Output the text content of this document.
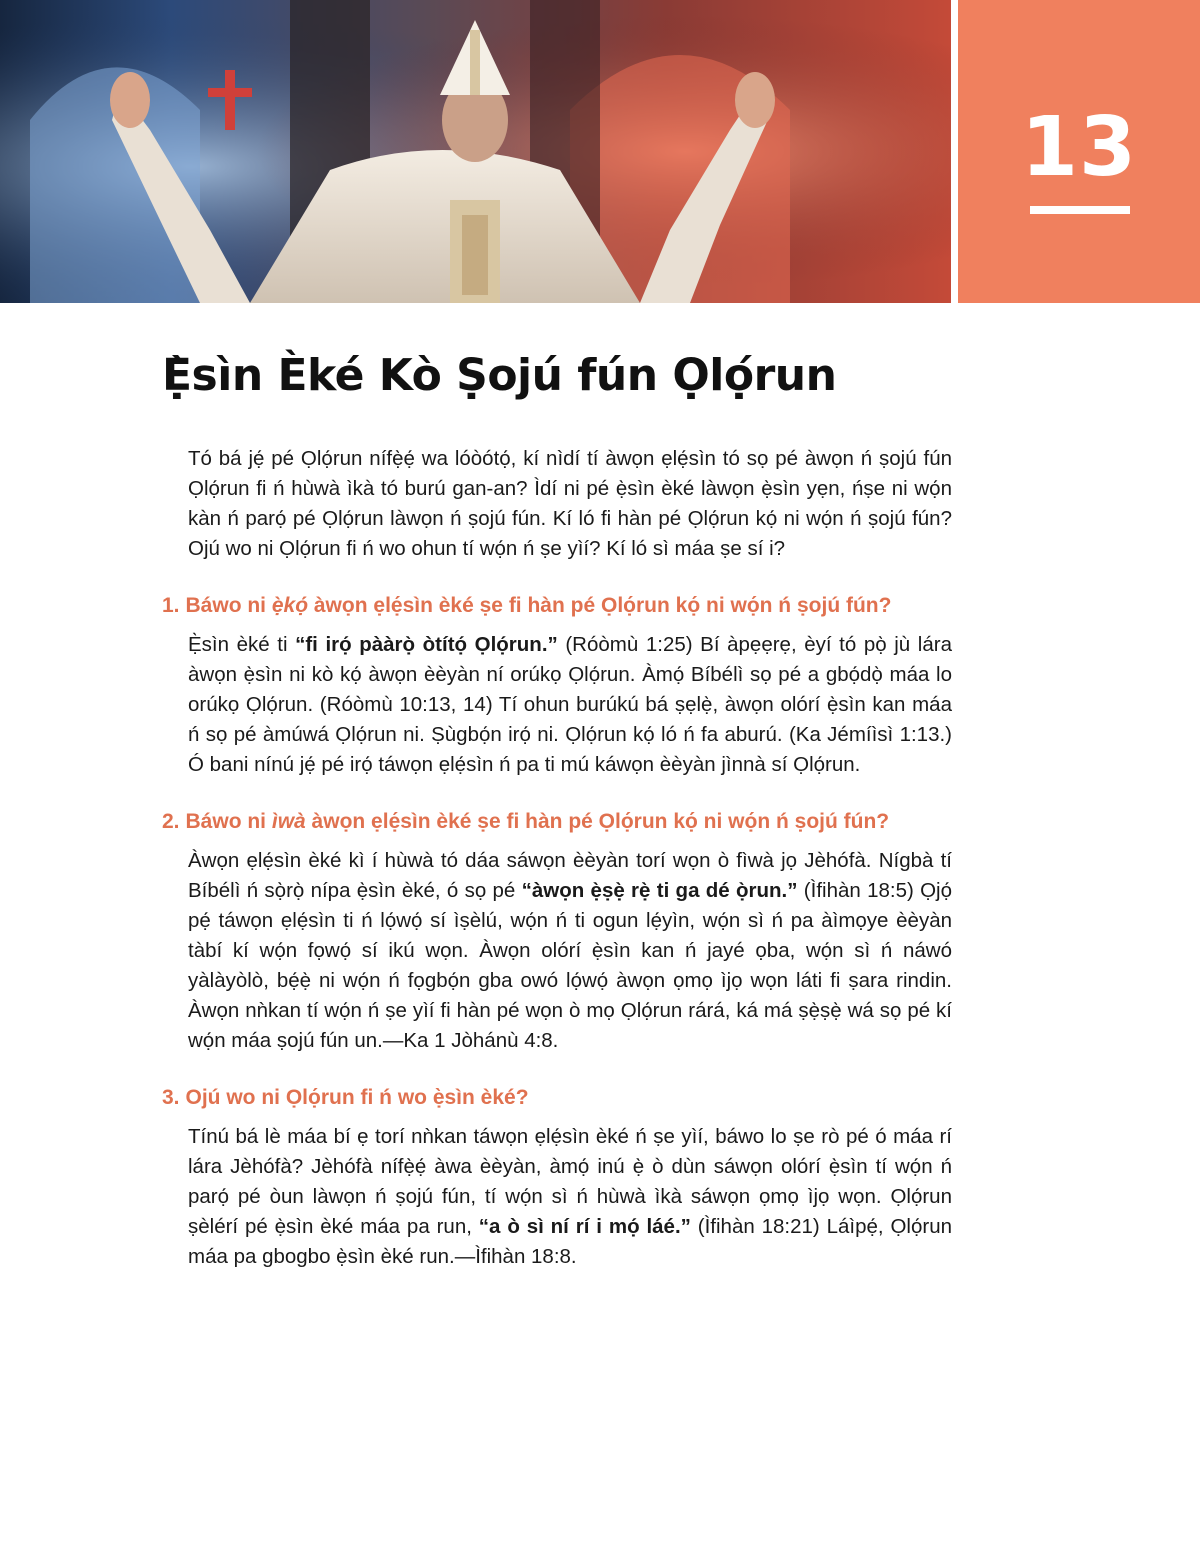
13
Ẹ̀sìn Èké Kò Ṣojú fún Ọlọ́run

Tó bá jẹ́ pé Ọlọ́run nífẹ̀ẹ́ wa lóòótọ́, kí nìdí tí àwọn ẹlẹ́sìn tó sọ pé àwọn ń ṣojú fún Ọlọ́run fi ń hùwà ìkà tó burú gan-an? Ìdí ni pé ẹ̀sìn èké làwọn ẹ̀sìn yẹn, ńṣe ni wọ́n kàn ń parọ́ pé Ọlọ́run làwọn ń ṣojú fún. Kí ló fi hàn pé Ọlọ́run kọ́ ni wọ́n ń ṣojú fún? Ojú wo ni Ọlọ́run fi ń wo ohun tí wọ́n ń ṣe yìí? Kí ló sì máa ṣe sí i?

1. Báwo ni ẹ̀kọ́ àwọn ẹlẹ́sìn èké ṣe fi hàn pé Ọlọ́run kọ́ ni wọ́n ń ṣojú fún?

Ẹ̀sìn èké ti “fi irọ́ pààrọ̀ òtítọ́ Ọlọ́run.” (Róòmù 1:25) Bí àpẹẹrẹ, èyí tó pọ̀ jù lára àwọn ẹ̀sìn ni kò kọ́ àwọn èèyàn ní orúkọ Ọlọ́run. Àmọ́ Bíbélì sọ pé a gbọ́dọ̀ máa lo orúkọ Ọlọ́run. (Róòmù 10:13, 14) Tí ohun burúkú bá ṣẹlẹ̀, àwọn olórí ẹ̀sìn kan máa ń sọ pé àmúwá Ọlọ́run ni. Ṣùgbọ́n irọ́ ni. Ọlọ́run kọ́ ló ń fa aburú. (Ka Jémíìsì 1:13.) Ó bani nínú jẹ́ pé irọ́ táwọn ẹlẹ́sìn ń pa ti mú káwọn èèyàn jìnnà sí Ọlọ́run.

2. Báwo ni ìwà àwọn ẹlẹ́sìn èké ṣe fi hàn pé Ọlọ́run kọ́ ni wọ́n ń ṣojú fún?

Àwọn ẹlẹ́sìn èké kì í hùwà tó dáa sáwọn èèyàn torí wọn ò fìwà jọ Jèhófà. Nígbà tí Bíbélì ń sọ̀rọ̀ nípa ẹ̀sìn èké, ó sọ pé “àwọn ẹ̀ṣẹ̀ rẹ̀ ti ga dé ọ̀run.” (Ìfihàn 18:5) Ọjọ́ pẹ́ táwọn ẹlẹ́sìn ti ń lọ́wọ́ sí ìṣèlú, wọ́n ń ti ogun lẹ́yìn, wọ́n sì ń pa àìmọye èèyàn tàbí kí wọ́n fọwọ́ sí ikú wọn. Àwọn olórí ẹ̀sìn kan ń jayé ọba, wọ́n sì ń náwó yàlàyòlò, bẹ́ẹ̀ ni wọ́n ń fọgbọ́n gba owó lọ́wọ́ àwọn ọmọ ìjọ wọn láti fi ṣara rindin. Àwọn nǹkan tí wọ́n ń ṣe yìí fi hàn pé wọn ò mọ Ọlọ́run rárá, ká má ṣẹ̀ṣẹ̀ wá sọ pé kí wọ́n máa ṣojú fún un.—Ka 1 Jòhánù 4:8.

3. Ojú wo ni Ọlọ́run fi ń wo ẹ̀sìn èké?

Tínú bá lè máa bí ẹ torí nǹkan táwọn ẹlẹ́sìn èké ń ṣe yìí, báwo lo ṣe rò pé ó máa rí lára Jèhófà? Jèhófà nífẹ̀ẹ́ àwa èèyàn, àmọ́ inú ẹ̀ ò dùn sáwọn olórí ẹ̀sìn tí wọ́n ń parọ́ pé òun làwọn ń ṣojú fún, tí wọ́n sì ń hùwà ìkà sáwọn ọmọ ìjọ wọn. Ọlọ́run ṣèlérí pé ẹ̀sìn èké máa pa run, “a ò sì ní rí i mọ́ láé.” (Ìfihàn 18:21) Láìpẹ́, Ọlọ́run máa pa gbogbo ẹ̀sìn èké run.—Ìfihàn 18:8.
